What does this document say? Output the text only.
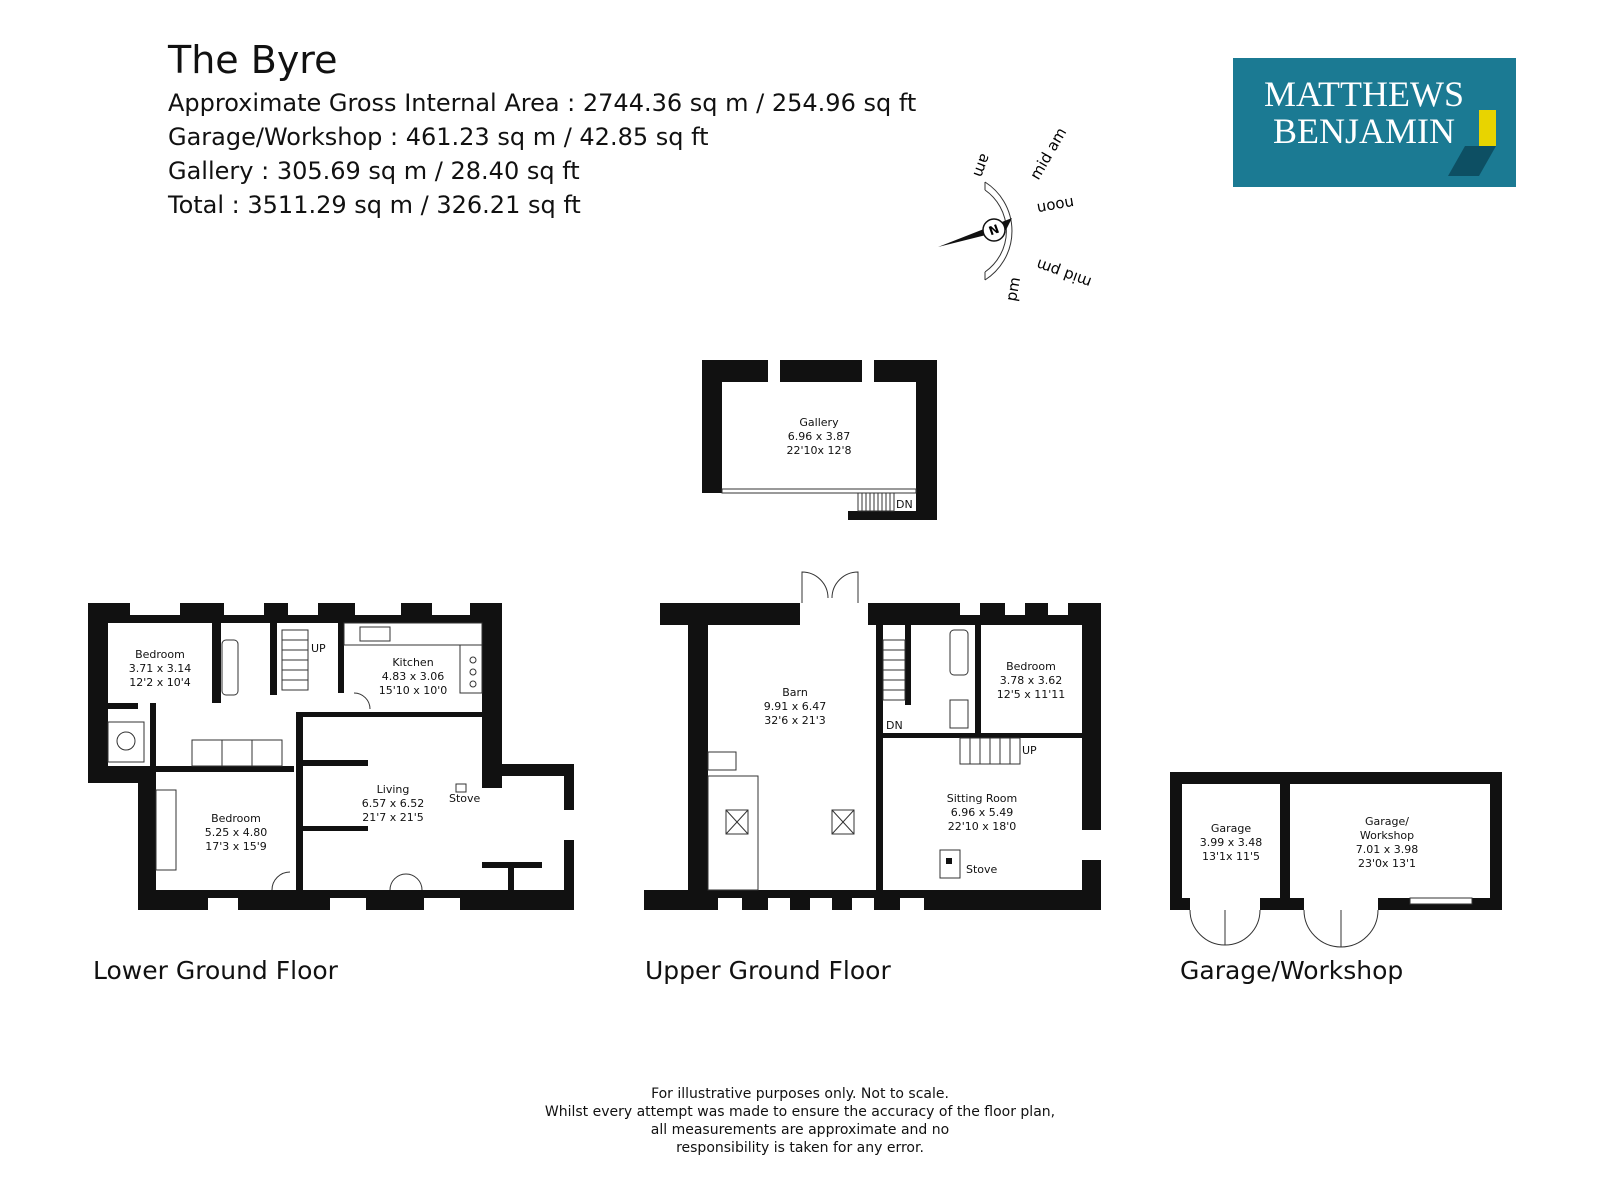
The Byre
Approximate Gross Internal Area : 2744.36 sq m / 254.96 sq ft
Garage/Workshop : 461.23 sq m / 42.85 sq ft
Gallery : 305.69 sq m / 28.40 sq ft
Total : 3511.29 sq m / 326.21 sq ft
MATTHEWS
BENJAMIN
N
am mid am
noon
mid pm
pm
DN
Gallery
6.96 x 3.87
22'10x 12'8
UP
Bedroom
3.71 x 3.14
12'2 x 10'4
Kitchen
4.83 x 3.06
15'10 x 10'0
Bedroom
5.25 x 4.80
17'3 x 15'9
Living
6.57 x 6.52
21'7 x 21'5
Stove
DN
UP
Barn
9.91 x 6.47
32'6 x 21'3
Bedroom
3.78 x 3.62
12'5 x 11'11
Sitting Room
6.96 x 5.49
22'10 x 18'0
Stove
Garage
3.99 x 3.48
13'1x 11'5
Garage/
Workshop
7.01 x 3.98
23'0x 13'1
Lower Ground Floor	Upper Ground Floor	Garage/Workshop
For illustrative purposes only. Not to scale.
Whilst every attempt was made to ensure the accuracy of the floor plan,
all measurements are approximate and no
responsibility is taken for any error.
